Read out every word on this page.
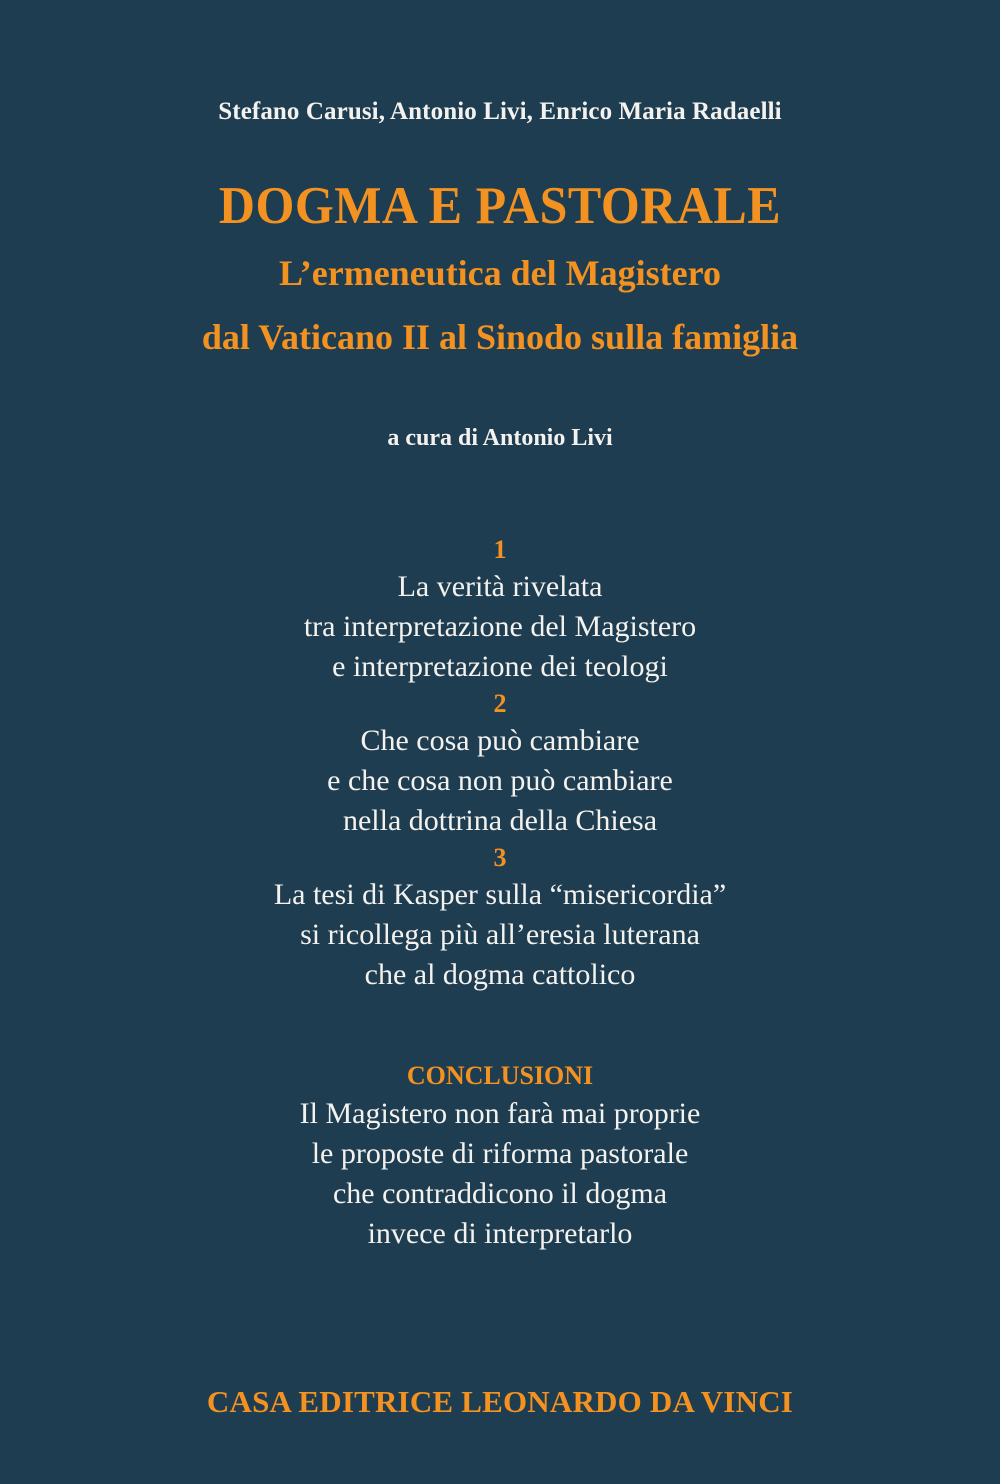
Stefano Carusi, Antonio Livi, Enrico Maria Radaelli
DOGMA E PASTORALE
L’ermeneutica del Magistero
dal Vaticano II al Sinodo sulla famiglia
a cura di Antonio Livi
1
La verità rivelata
tra interpretazione del Magistero
e interpretazione dei teologi
2
Che cosa può cambiare
e che cosa non può cambiare
nella dottrina della Chiesa
3
La tesi di Kasper sulla “misericordia”
si ricollega più all’eresia luterana
che al dogma cattolico
CONCLUSIONI
Il Magistero non farà mai proprie
le proposte di riforma pastorale
che contraddicono il dogma
invece di interpretarlo
CASA EDITRICE LEONARDO DA VINCI
